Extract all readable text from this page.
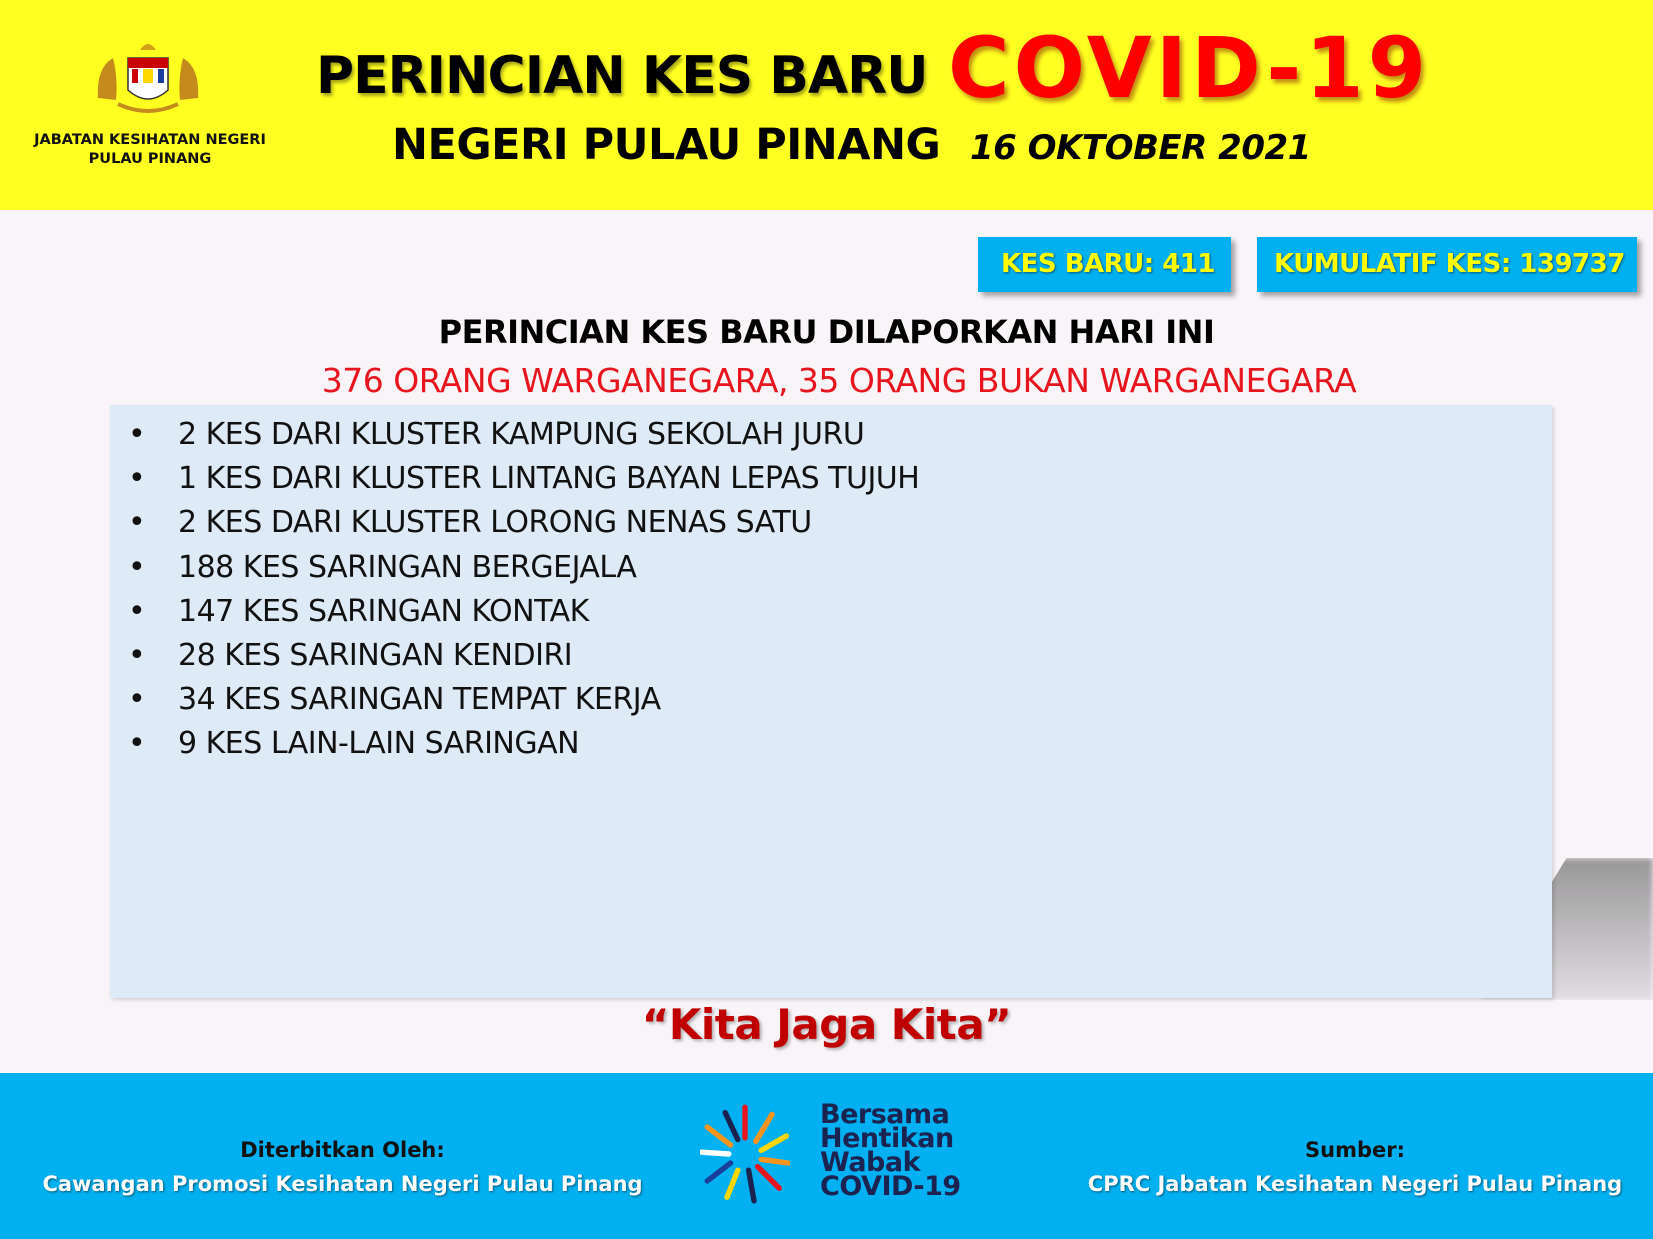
JABATAN KESIHATAN NEGERI
PULAU PINANG
PERINCIAN KES BARU COVID-19
NEGERI PULAU PINANG 16 OKTOBER 2021
KES BARU: 411	KUMULATIF KES: 139737
PERINCIAN KES BARU DILAPORKAN HARI INI
376 ORANG WARGANEGARA, 35 ORANG BUKAN WARGANEGARA
• 2 KES DARI KLUSTER KAMPUNG SEKOLAH JURU
• 1 KES DARI KLUSTER LINTANG BAYAN LEPAS TUJUH
• 2 KES DARI KLUSTER LORONG NENAS SATU
• 188 KES SARINGAN BERGEJALA
• 147 KES SARINGAN KONTAK
• 28 KES SARINGAN KENDIRI
• 34 KES SARINGAN TEMPAT KERJA
• 9 KES LAIN-LAIN SARINGAN
“Kita Jaga Kita”
Diterbitkan Oleh:
Cawangan Promosi Kesihatan Negeri Pulau Pinang
Bersama
Hentikan
Wabak
COVID-19
Sumber:
CPRC Jabatan Kesihatan Negeri Pulau Pinang
